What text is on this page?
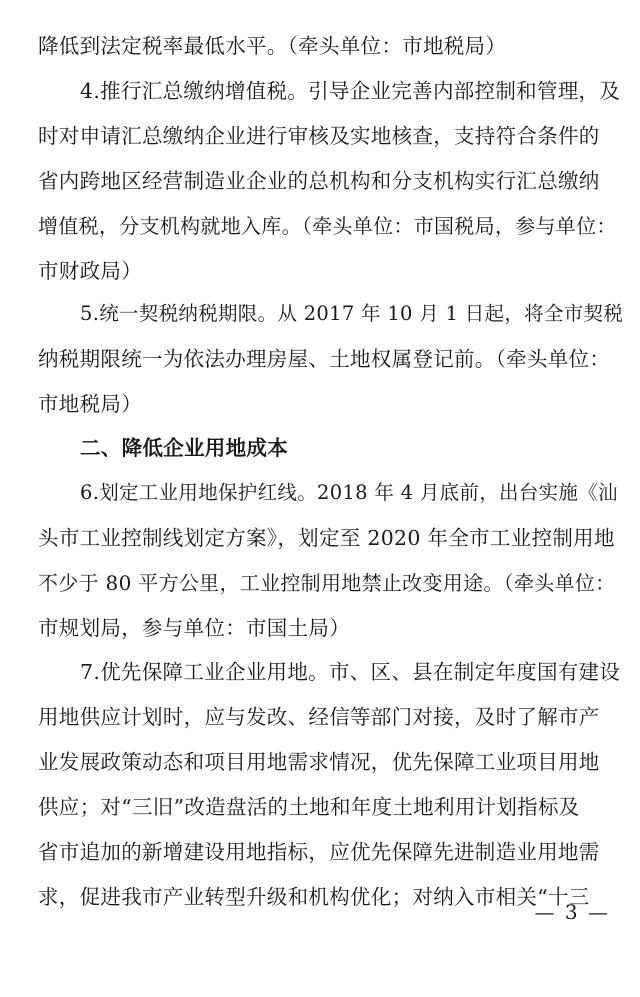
降低到法定税率最低水平。（牵头单位：市地税局）
4.推行汇总缴纳增值税。引导企业完善内部控制和管理，及
时对申请汇总缴纳企业进行审核及实地核查，支持符合条件的
省内跨地区经营制造业企业的总机构和分支机构实行汇总缴纳
增值税，分支机构就地入库。（牵头单位：市国税局，参与单位：
市财政局）
5.统一契税纳税期限。从 2017 年 10 月 1 日起，将全市契税
纳税期限统一为依法办理房屋、土地权属登记前。（牵头单位：
市地税局）
二、降低企业用地成本
6.划定工业用地保护红线。2018 年 4 月底前，出台实施《汕
头市工业控制线划定方案》，划定至 2020 年全市工业控制用地
不少于 80 平方公里，工业控制用地禁止改变用途。（牵头单位：
市规划局，参与单位：市国土局）
7.优先保障工业企业用地。市、区、县在制定年度国有建设
用地供应计划时，应与发改、经信等部门对接，及时了解市产
业发展政策动态和项目用地需求情况，优先保障工业项目用地
供应；对“三旧”改造盘活的土地和年度土地利用计划指标及
省市追加的新增建设用地指标，应优先保障先进制造业用地需
求，促进我市产业转型升级和机构优化；对纳入市相关“十三
— 3 —
